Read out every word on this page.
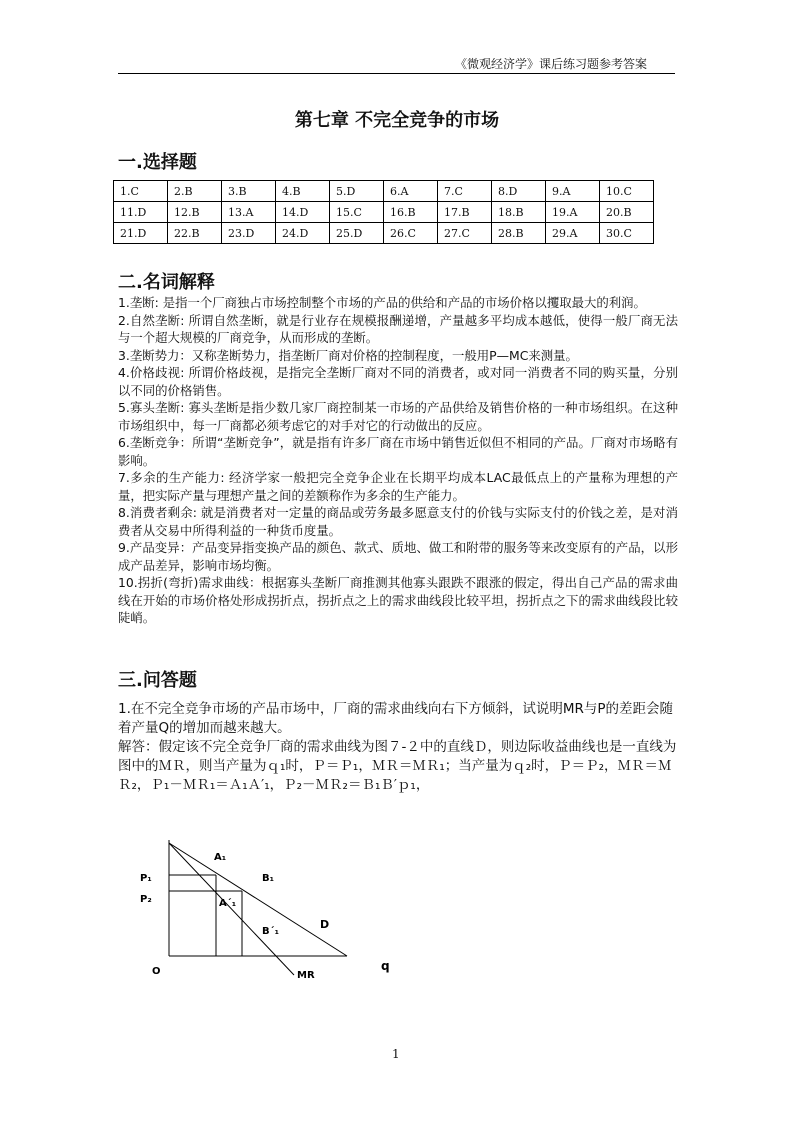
《微观经济学》课后练习题参考答案
第七章 不完全竞争的市场
一.选择题
1.C	2.B	3.B	4.B	5.D	6.A	7.C	8.D	9.A	10.C
11.D	12.B	13.A	14.D	15.C	16.B	17.B	18.B	19.A	20.B
21.D	22.B	23.D	24.D	25.D	26.C	27.C	28.B	29.A	30.C
二.名词解释

1.垄断: 是指一个厂商独占市场控制整个市场的产品的供给和产品的市场价格以攫取最大的利润。

2.自然垄断: 所谓自然垄断，就是行业存在规模报酬递增，产量越多平均成本越低，使得一般厂商无法与一个超大规模的厂商竞争，从而形成的垄断。

3.垄断势力：又称垄断势力，指垄断厂商对价格的控制程度，一般用P—MC来测量。

4.价格歧视: 所谓价格歧视，是指完全垄断厂商对不同的消费者，或对同一消费者不同的购买量，分别以不同的价格销售。

5.寡头垄断: 寡头垄断是指少数几家厂商控制某一市场的产品供给及销售价格的一种市场组织。在这种市场组织中，每一厂商都必须考虑它的对手对它的行动做出的反应。

6.垄断竞争：所谓“垄断竞争”，就是指有许多厂商在市场中销售近似但不相同的产品。厂商对市场略有影响。

7.多余的生产能力: 经济学家一般把完全竞争企业在长期平均成本LAC最低点上的产量称为理想的产量，把实际产量与理想产量之间的差额称作为多余的生产能力。

8.消费者剩余: 就是消费者对一定量的商品或劳务最多愿意支付的价钱与实际支付的价钱之差，是对消费者从交易中所得利益的一种货币度量。

9.产品变异：产品变异指变换产品的颜色、款式、质地、做工和附带的服务等来改变原有的产品，以形成产品差异，影响市场均衡。

10.拐折(弯折)需求曲线：根据寡头垄断厂商推测其他寡头跟跌不跟涨的假定，得出自己产品的需求曲线在开始的市场价格处形成拐折点，拐折点之上的需求曲线段比较平坦，拐折点之下的需求曲线段比较陡峭。

三.问答题

1.在不完全竞争市场的产品市场中，厂商的需求曲线向右下方倾斜，试说明MR与P的差距会随着产量Q的增加而越来越大。

解答：假定该不完全竞争厂商的需求曲线为图７-２中的直线Ｄ，则边际收益曲线也是一直线为图中的ＭＲ，则当产量为ｑ₁时，Ｐ＝Ｐ₁，ＭＲ＝ＭＲ₁；当产量为ｑ₂时，Ｐ＝Ｐ₂，ＭＲ＝ＭＲ₂，Ｐ₁－ＭＲ₁＝Ａ₁Ａ′₁，Ｐ₂－ＭＲ₂＝Ｂ₁Ｂ′ｐ₁，

P₁
P₂
A₁
A´₁
B₁
B´₁
D
MR
O	q
1
